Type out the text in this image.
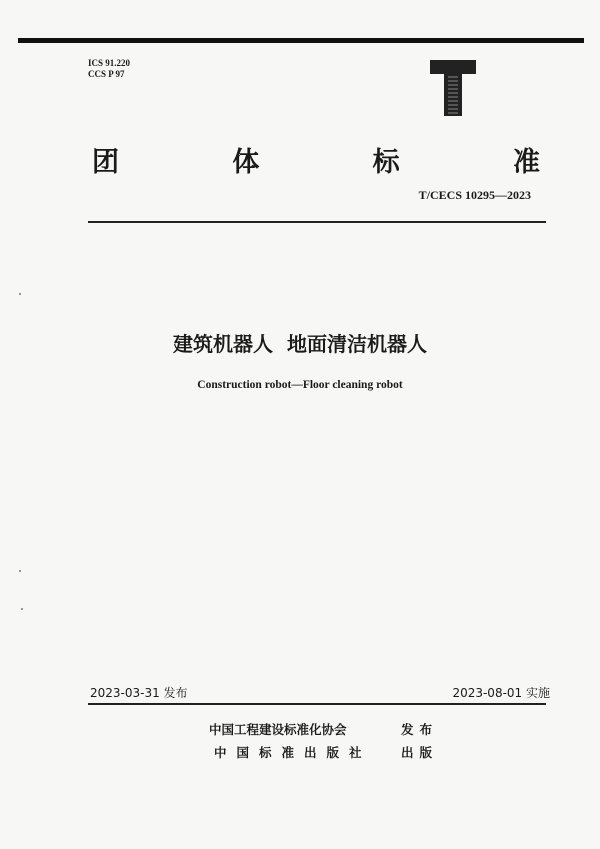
ICS 91.220
CCS P 97
团	体	标	准
T/CECS 10295—2023
建筑机器人  地面清洁机器人
Construction robot—Floor cleaning robot
2023-03-31 发布	2023-08-01 实施
中国工程建设标准化协会	发布
中国标准出版社 出版
